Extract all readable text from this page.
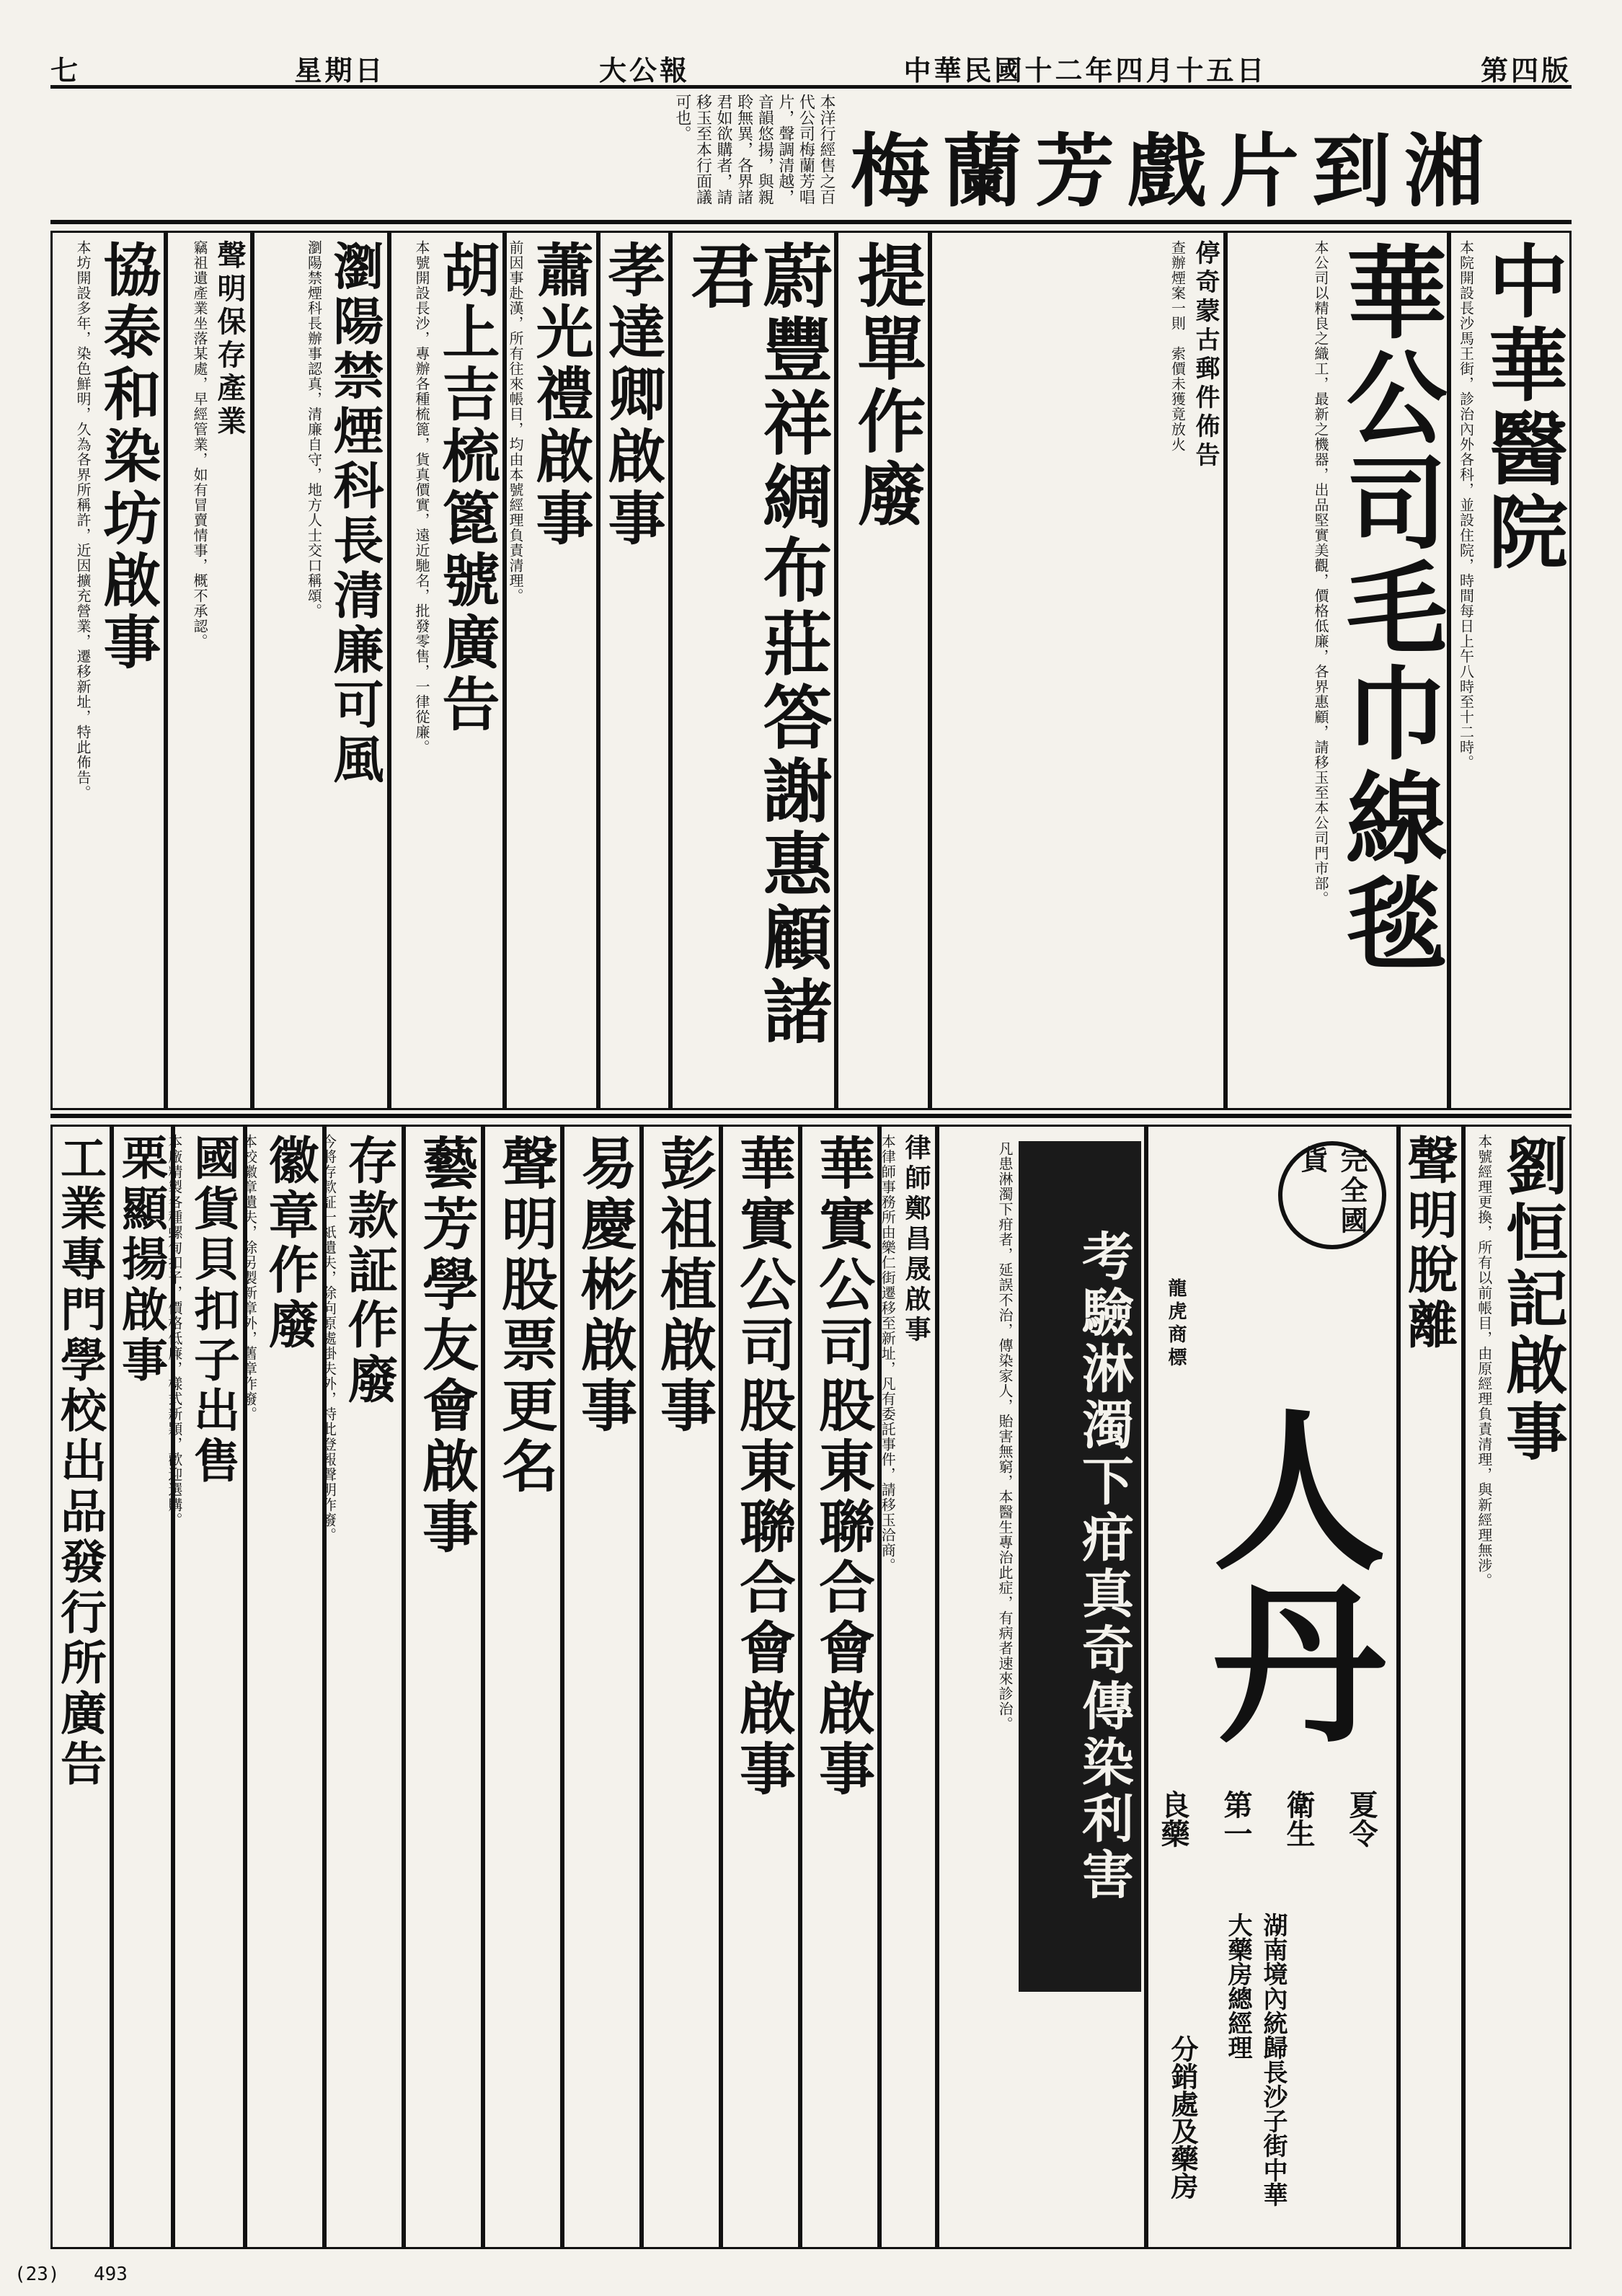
第四版
中華民國十二年四月十五日
大公報
星期日
七
梅蘭芳戲片到湘
本洋行經售之百代公司梅蘭芳唱片，聲調清越，音韻悠揚，與親聆無異，各界諸君如欲購者，請移玉至本行面議可也。
中華醫院
本院開設長沙馬王街，診治內外各科，並設住院，時間每日上午八時至十二時。
華公司毛巾線毯
本公司以精良之織工，最新之機器，出品堅實美觀，價格低廉，各界惠顧，請移玉至本公司門市部。
停奇蒙古郵件佈告
查辦煙案一則　索價未獲竟放火
提單作廢
蔚豐祥綢布莊答謝惠顧諸君
孝達卿啟事
蕭光禮啟事
前因事赴漢，所有往來帳目，均由本號經理負責清理。
胡上吉梳篦號廣告
本號開設長沙，專辦各種梳篦，貨真價實，遠近馳名，批發零售，一律從廉。
瀏陽禁煙科長清廉可風
瀏陽禁煙科長辦事認真，清廉自守，地方人士交口稱頌。
聲明保存產業
竊祖遺產業坐落某處，早經管業，如有冒賣情事，概不承認。
協泰和染坊啟事
本坊開設多年，染色鮮明，久為各界所稱許，近因擴充營業，遷移新址，特此佈告。
劉恒記啟事
本號經理更換，所有以前帳目，由原經理負責清理，與新經理無涉。
聲明脫離
完全國貨
龍虎商標
人丹
夏令
衛生
第一
良藥
湖南境內統歸長沙子街中華大藥房總經理
分銷處及藥房
考驗淋濁下疳真奇傳染利害
凡患淋濁下疳者，延誤不治，傳染家人，貽害無窮，本醫生專治此症，有病者速來診治。
律師鄭昌晟啟事
本律師事務所由樂仁街遷移至新址，凡有委託事件，請移玉洽商。
華實公司股東聯合會啟事
華實公司股東聯合會啟事
彭祖植啟事
易慶彬啟事
聲明股票更名
藝芳學友會啟事
存款証作廢
今將存款証一紙遺失，除向原處掛失外，特此登報聲明作廢。
徽章作廢
本校徽章遺失，除另製新章外，舊章作廢。
國貨貝扣子出售
本廠精製各種螺甸扣子，價格低廉，樣式新穎，歡迎選購。
栗顯揚啟事
工業專門學校出品發行所廣告
(23) 493
